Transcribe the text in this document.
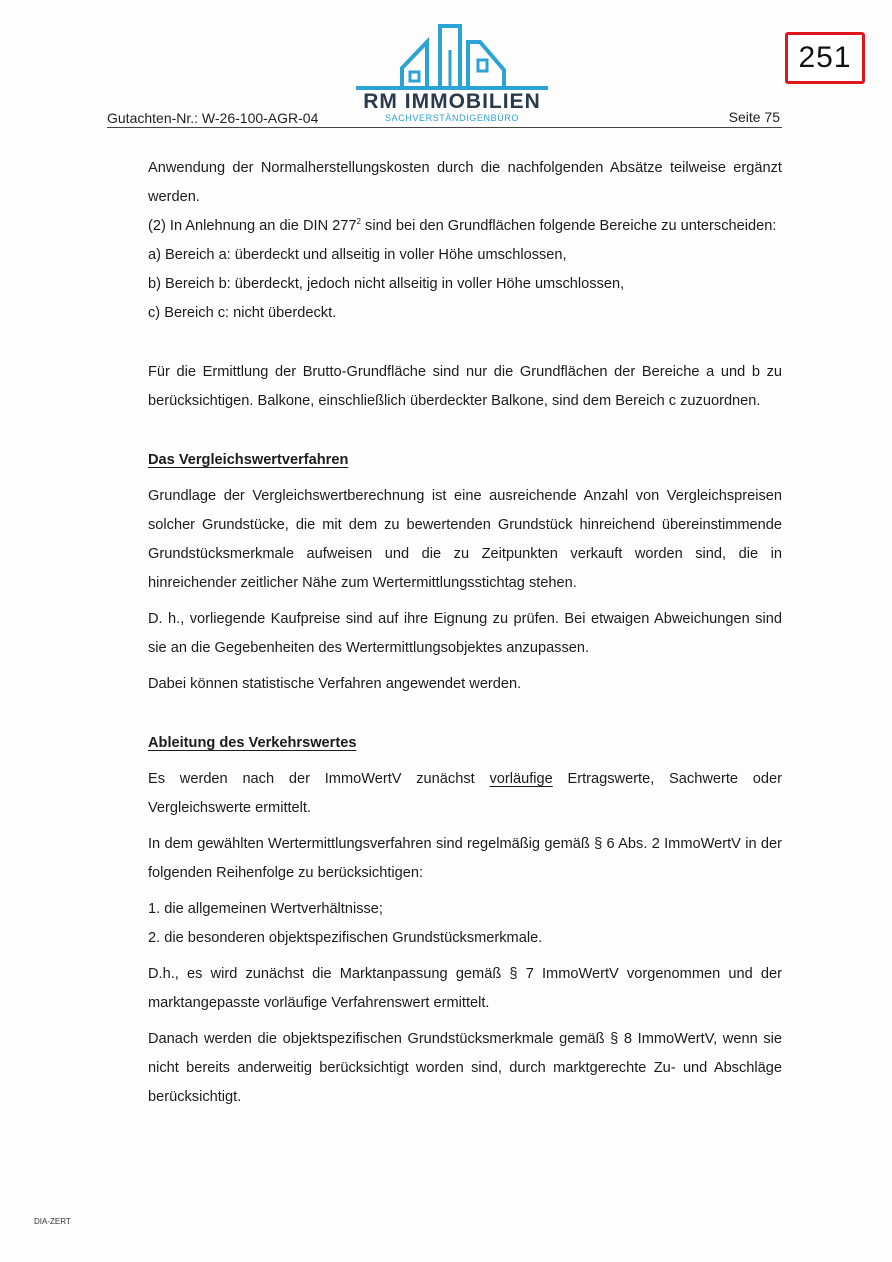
251
RM IMMOBILIEN
SACHVERSTÄNDIGENBÜRO
Gutachten-Nr.: W-26-100-AGR-04	Seite 75

Anwendung der Normalherstellungskosten durch die nachfolgenden Absätze teilweise ergänzt werden.

(2) In Anlehnung an die DIN $277^2$ sind bei den Grundflächen folgende Bereiche zu unterscheiden:

a) Bereich a: überdeckt und allseitig in voller Höhe umschlossen,

b) Bereich b: überdeckt, jedoch nicht allseitig in voller Höhe umschlossen,

c) Bereich c: nicht überdeckt.

Für die Ermittlung der Brutto-Grundfläche sind nur die Grundflächen der Bereiche a und b zu berücksichtigen. Balkone, einschließlich überdeckter Balkone, sind dem Bereich c zuzuordnen.

Das Vergleichswertverfahren

Grundlage der Vergleichswertberechnung ist eine ausreichende Anzahl von Vergleichspreisen solcher Grundstücke, die mit dem zu bewertenden Grundstück hinreichend übereinstimmende Grundstücksmerkmale aufweisen und die zu Zeitpunkten verkauft worden sind, die in hinreichender zeitlicher Nähe zum Wertermittlungsstichtag stehen.

D. h., vorliegende Kaufpreise sind auf ihre Eignung zu prüfen. Bei etwaigen Abweichungen sind sie an die Gegebenheiten des Wertermittlungsobjektes anzupassen.

Dabei können statistische Verfahren angewendet werden.

Ableitung des Verkehrswertes

Es werden nach der ImmoWertV zunächst vorläufige Ertragswerte, Sachwerte oder Vergleichswerte ermittelt.

In dem gewählten Wertermittlungsverfahren sind regelmäßig gemäß § 6 Abs. 2 ImmoWertV in der folgenden Reihenfolge zu berücksichtigen:

1. die allgemeinen Wertverhältnisse;

2. die besonderen objektspezifischen Grundstücksmerkmale.

D.h., es wird zunächst die Marktanpassung gemäß § 7 ImmoWertV vorgenommen und der marktangepasste vorläufige Verfahrenswert ermittelt.

Danach werden die objektspezifischen Grundstücksmerkmale gemäß § 8 ImmoWertV, wenn sie nicht bereits anderweitig berücksichtigt worden sind, durch marktgerechte Zu- und Abschläge berücksichtigt.

DIA-ZERT
